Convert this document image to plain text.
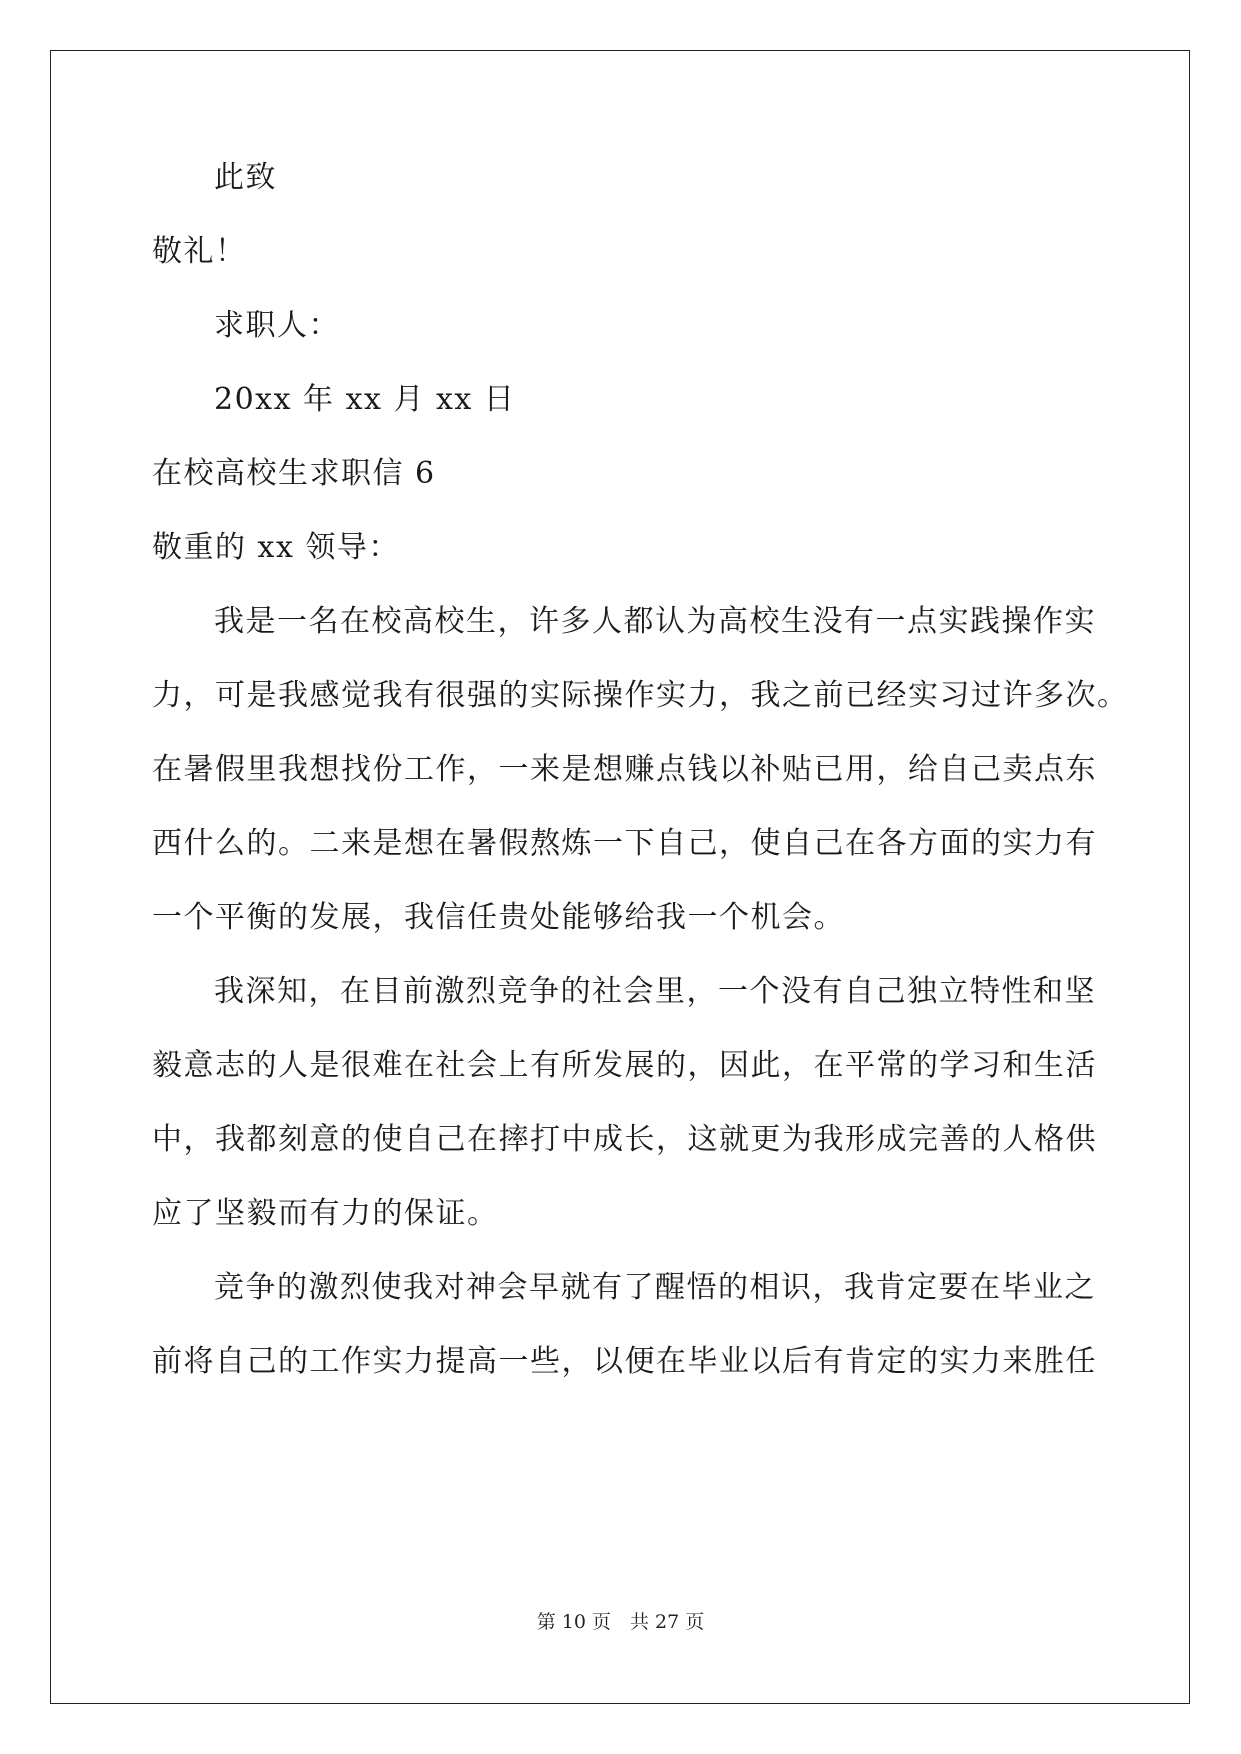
此致
敬礼！
求职人：
20xx 年 xx 月 xx 日
在校高校生求职信 6
敬重的 xx 领导：
我是一名在校高校生，许多人都认为高校生没有一点实践操作实
力，可是我感觉我有很强的实际操作实力，我之前已经实习过许多次。
在暑假里我想找份工作，一来是想赚点钱以补贴已用，给自己卖点东
西什么的。二来是想在暑假熬炼一下自己，使自己在各方面的实力有
一个平衡的发展，我信任贵处能够给我一个机会。
我深知，在目前激烈竞争的社会里，一个没有自己独立特性和坚
毅意志的人是很难在社会上有所发展的，因此，在平常的学习和生活
中，我都刻意的使自己在摔打中成长，这就更为我形成完善的人格供
应了坚毅而有力的保证。
竞争的激烈使我对神会早就有了醒悟的相识，我肯定要在毕业之
前将自己的工作实力提高一些，以便在毕业以后有肯定的实力来胜任
第 10 页　共 27 页
